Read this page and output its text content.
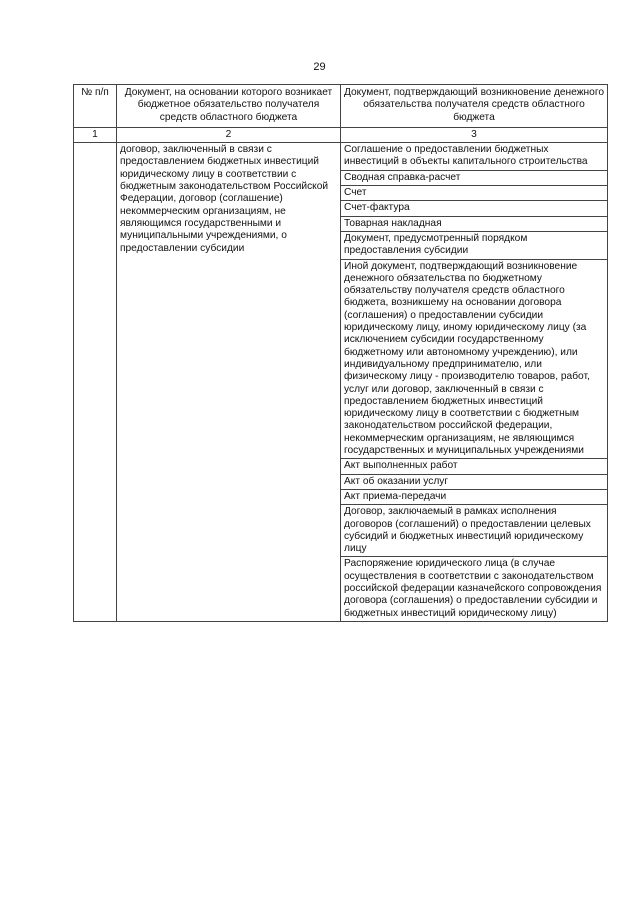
29
№ п/п	Документ, на основании которого возникает бюджетное обязательство получателя средств областного бюджета	Документ, подтверждающий возникновение денежного обязательства получателя средств областного бюджета
1	2	3
	договор, заключенный в связи с предоставлением бюджетных инвестиций юридическому лицу в соответствии с бюджетным законодательством Российской Федерации, договор (соглашение) некоммерческим организациям, не являющимся государственными и муниципальными учреждениями, о предоставлении субсидии	Соглашение о предоставлении бюджетных инвестиций в объекты капитального строительства
		Сводная справка-расчет
		Счет
		Счет-фактура
		Товарная накладная
		Документ, предусмотренный порядком предоставления субсидии
		Иной документ, подтверждающий возникновение денежного обязательства по бюджетному обязательству получателя средств областного бюджета, возникшему на основании договора (соглашения) о предоставлении субсидии юридическому лицу, иному юридическому лицу (за исключением субсидии государственному бюджетному или автономному учреждению), или индивидуальному предпринимателю, или физическому лицу - производителю товаров, работ, услуг или договор, заключенный в связи с предоставлением бюджетных инвестиций юридическому лицу в соответствии с бюджетным законодательством российской федерации, некоммерческим организациям, не являющимся государственных и муниципальных учреждениями
		Акт выполненных работ
		Акт об оказании услуг
		Акт приема-передачи
		Договор, заключаемый в рамках исполнения договоров (соглашений) о предоставлении целевых субсидий и бюджетных инвестиций юридическому лицу
		Распоряжение юридического лица (в случае осуществления в соответствии с законодательством российской федерации казначейского сопровождения договора (соглашения) о предоставлении субсидии и бюджетных инвестиций юридическому лицу)
